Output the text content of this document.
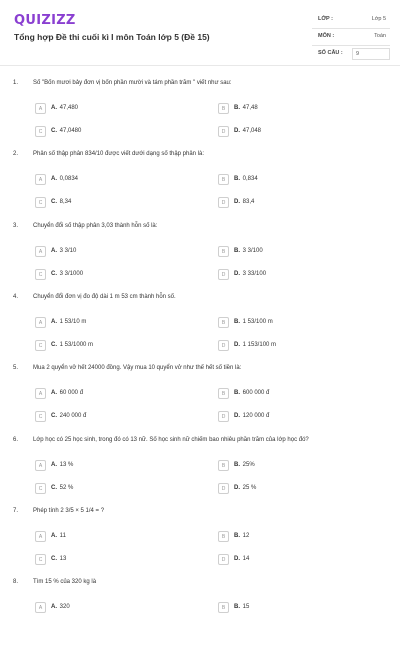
QUIZIZZ
Tổng hợp Đề thi cuối kì I môn Toán lớp 5 (Đề 15)
LỚP :	Lớp 5
MÔN :	Toán
SỐ CÂU :	9
1. Số "Bốn mươi bảy đơn vị bốn phần mười và tám phần trăm " viết như sau:
A	A. 47,480	B	B. 47,48
C	C. 47,0480	D	D. 47,048
2. Phân số thập phân 834/10 được viết dưới dạng số thập phân là:
A	A. 0,0834	B	B. 0,834
C	C. 8,34	D	D. 83,4
3. Chuyển đổi số thập phân 3,03 thành hỗn số là:
A	A. 3 3/10	B	B. 3 3/100
C	C. 3 3/1000	D	D. 3 33/100
4. Chuyển đổi đơn vị đo độ dài 1 m 53 cm thành hỗn số.
A	A. 1 53/10 m	B	B. 1 53/100 m
C	C. 1 53/1000 m	D	D. 1 153/100 m
5. Mua 2 quyển vở hết 24000 đồng. Vậy mua 10 quyển vở như thế hết số tiền là:
A	A. 60 000 đ	B	B. 600 000 đ
C	C. 240 000 đ	D	D. 120 000 đ
6. Lớp học có 25 học sinh, trong đó có 13 nữ. Số học sinh nữ chiếm bao nhiêu phần trăm của lớp học đó?
A	A. 13 %	B	B. 25%
C	C. 52 %	D	D. 25 %
7. Phép tính 2 3/5 × 5 1/4 = ?
A	A. 11	B	B. 12
C	C. 13	D	D. 14
8. Tìm 15 % của 320 kg là
A	A. 320	B	B. 15
